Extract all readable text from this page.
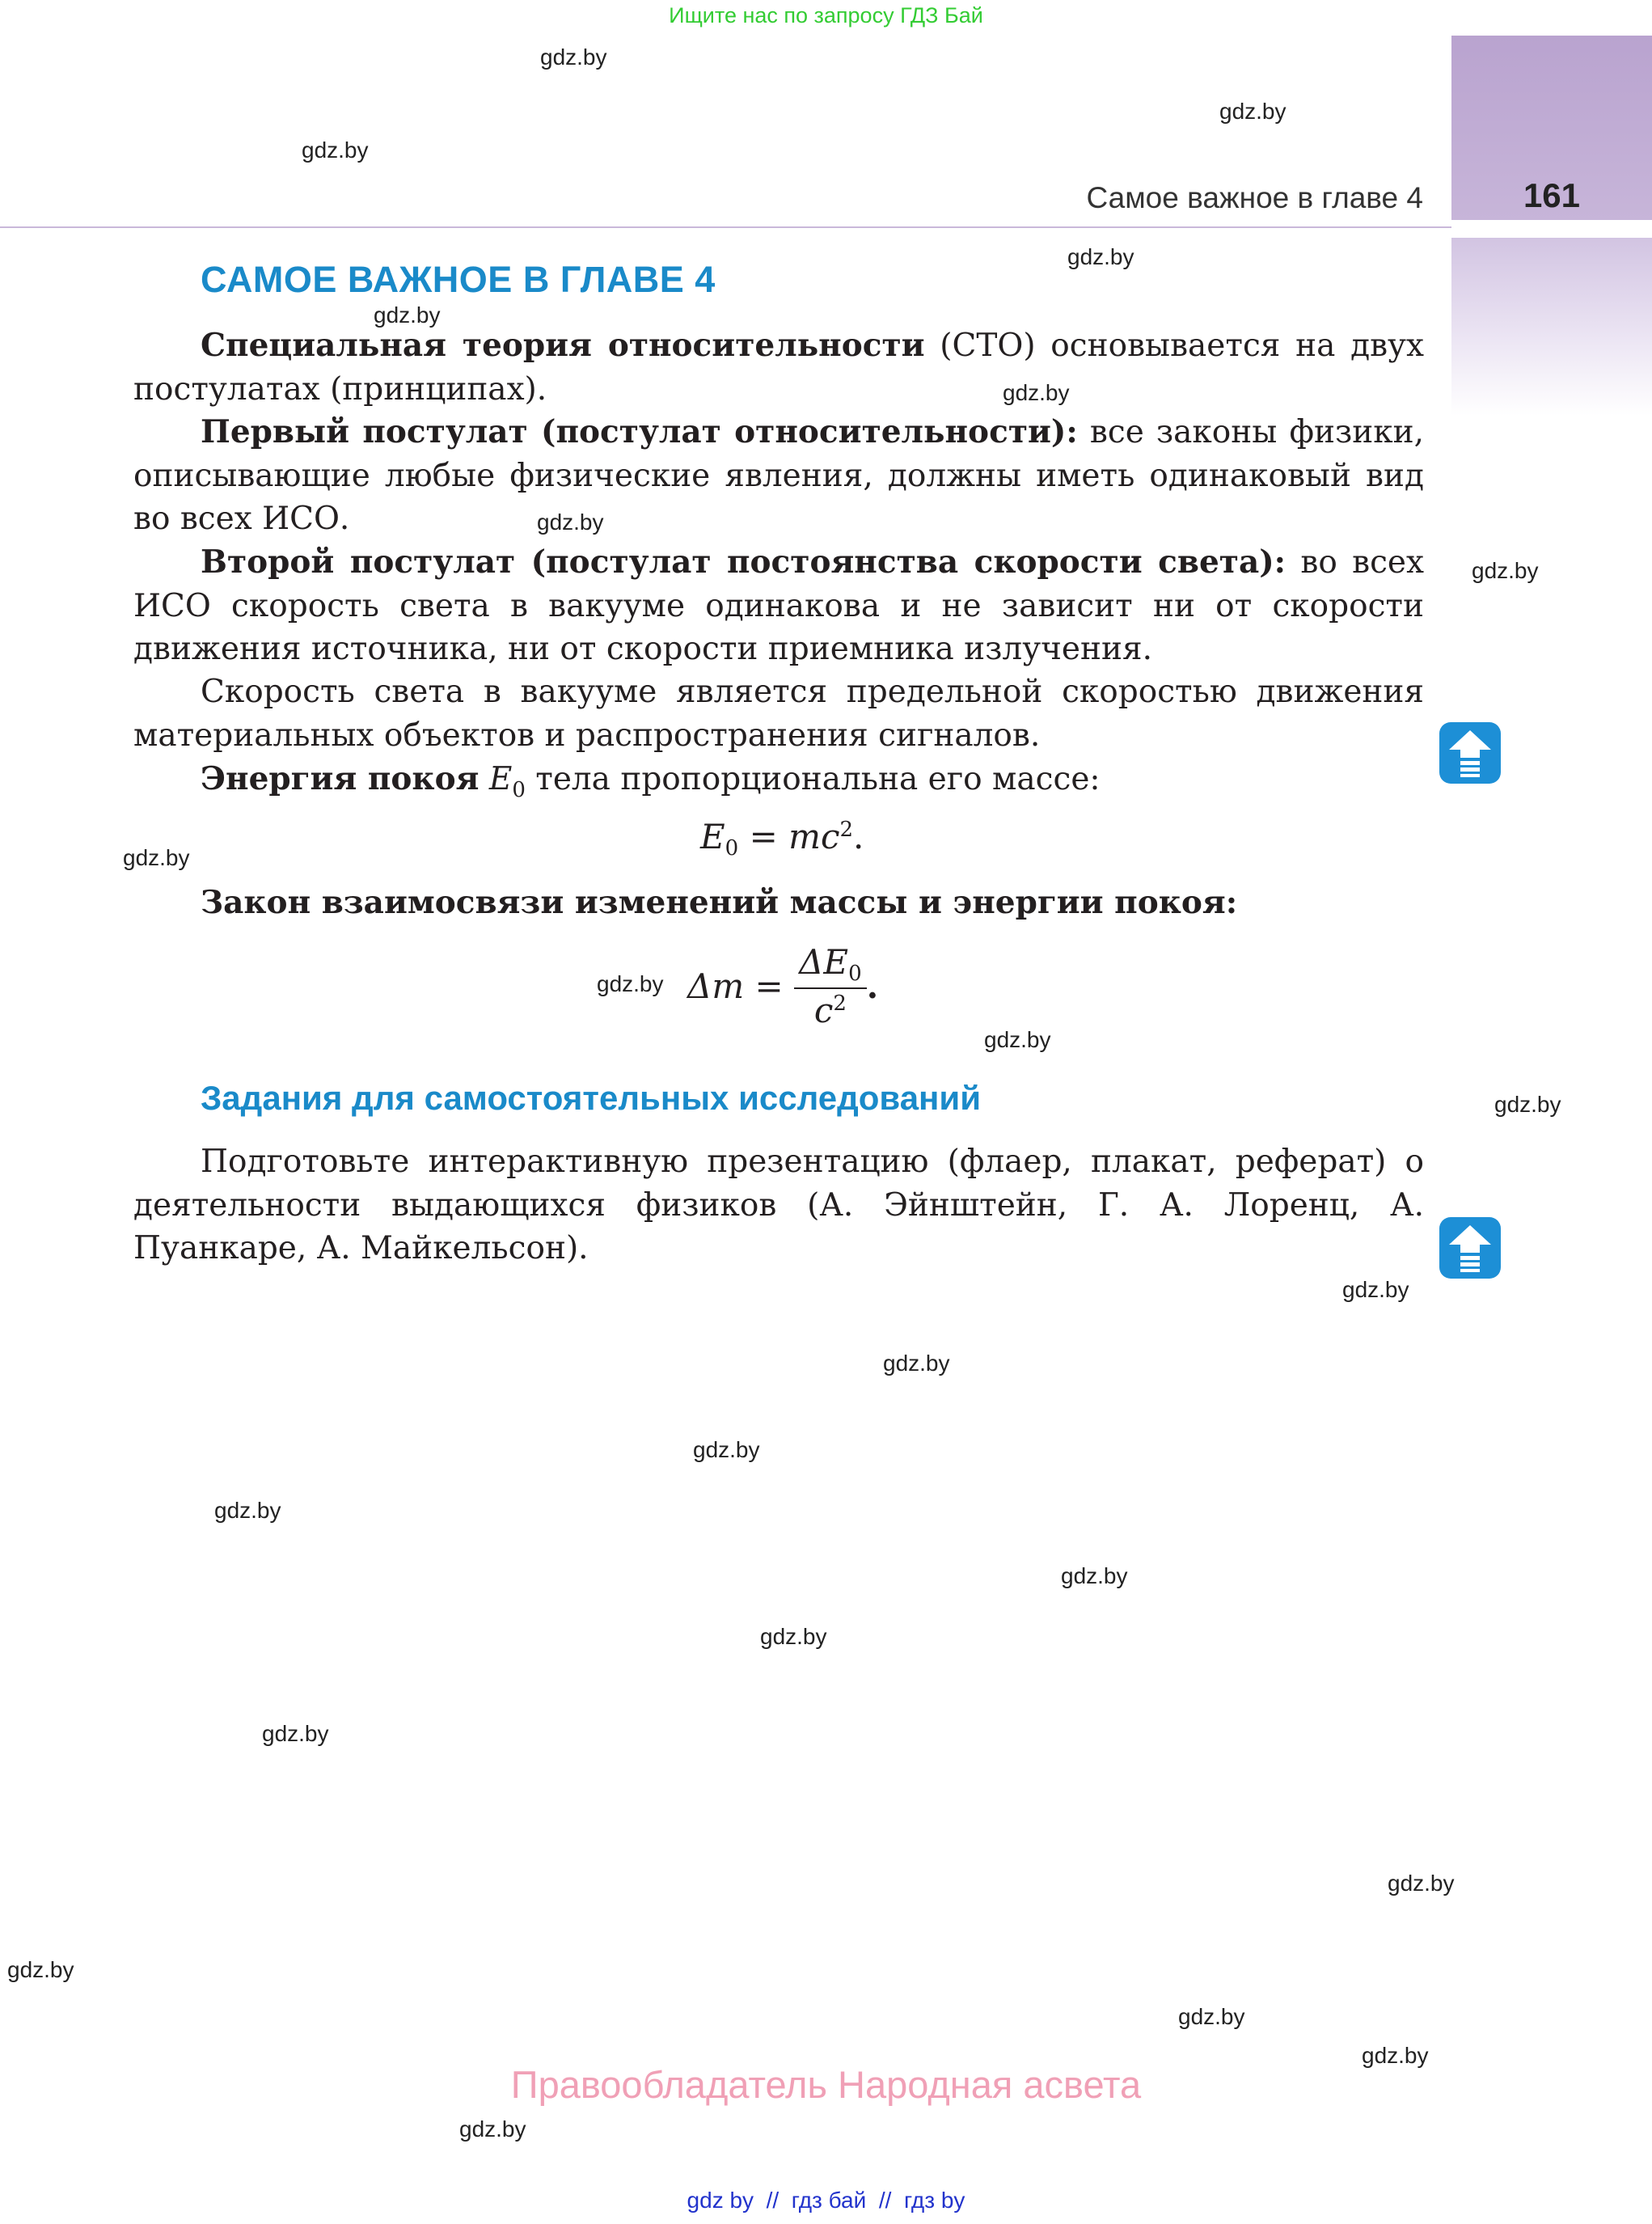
Ищите нас по запросу ГДЗ Бай
Самое важное в главе 4	161
САМОЕ ВАЖНОЕ В ГЛАВЕ 4

Специальная теория относительности (СТО) основывается на двух постулатах (принципах).

Первый постулат (постулат относительности): все законы физики, описывающие любые физические явления, должны иметь одинаковый вид во всех ИСО.

Второй постулат (постулат постоянства скорости света): во всех ИСО скорость света в вакууме одинакова и не зависит ни от скорости движения источника, ни от скорости приемника излучения.

Скорость света в вакууме является предельной скоростью движения материальных объектов и распространения сигналов.

Энергия покоя $E_0$ тела пропорциональна его массе:

$E_0 = mc^2$.

Закон взаимосвязи изменений массы и энергии покоя:

$\Delta m = \frac{\Delta E_0}{c^2}$ .
Задания для самостоятельных исследований

Подготовьте интерактивную презентацию (флаер, плакат, реферат) о деятельности выдающихся физиков (А. Эйнштейн, Г. А. Лоренц, А. Пуанкаре, А. Майкельсон).

gdz.by
gdz.by
gdz.by
gdz.by
gdz.by
gdz.by
gdz.by
gdz.by
gdz.by
gdz.by
gdz.by
gdz.by
gdz.by
gdz.by
gdz.by
gdz.by
gdz.by
gdz.by
gdz.by
gdz.by
gdz.by
gdz.by
gdz.by
gdz.by
Правообладатель Народная асвета
gdz by  //  гдз бай  //  гдз by
